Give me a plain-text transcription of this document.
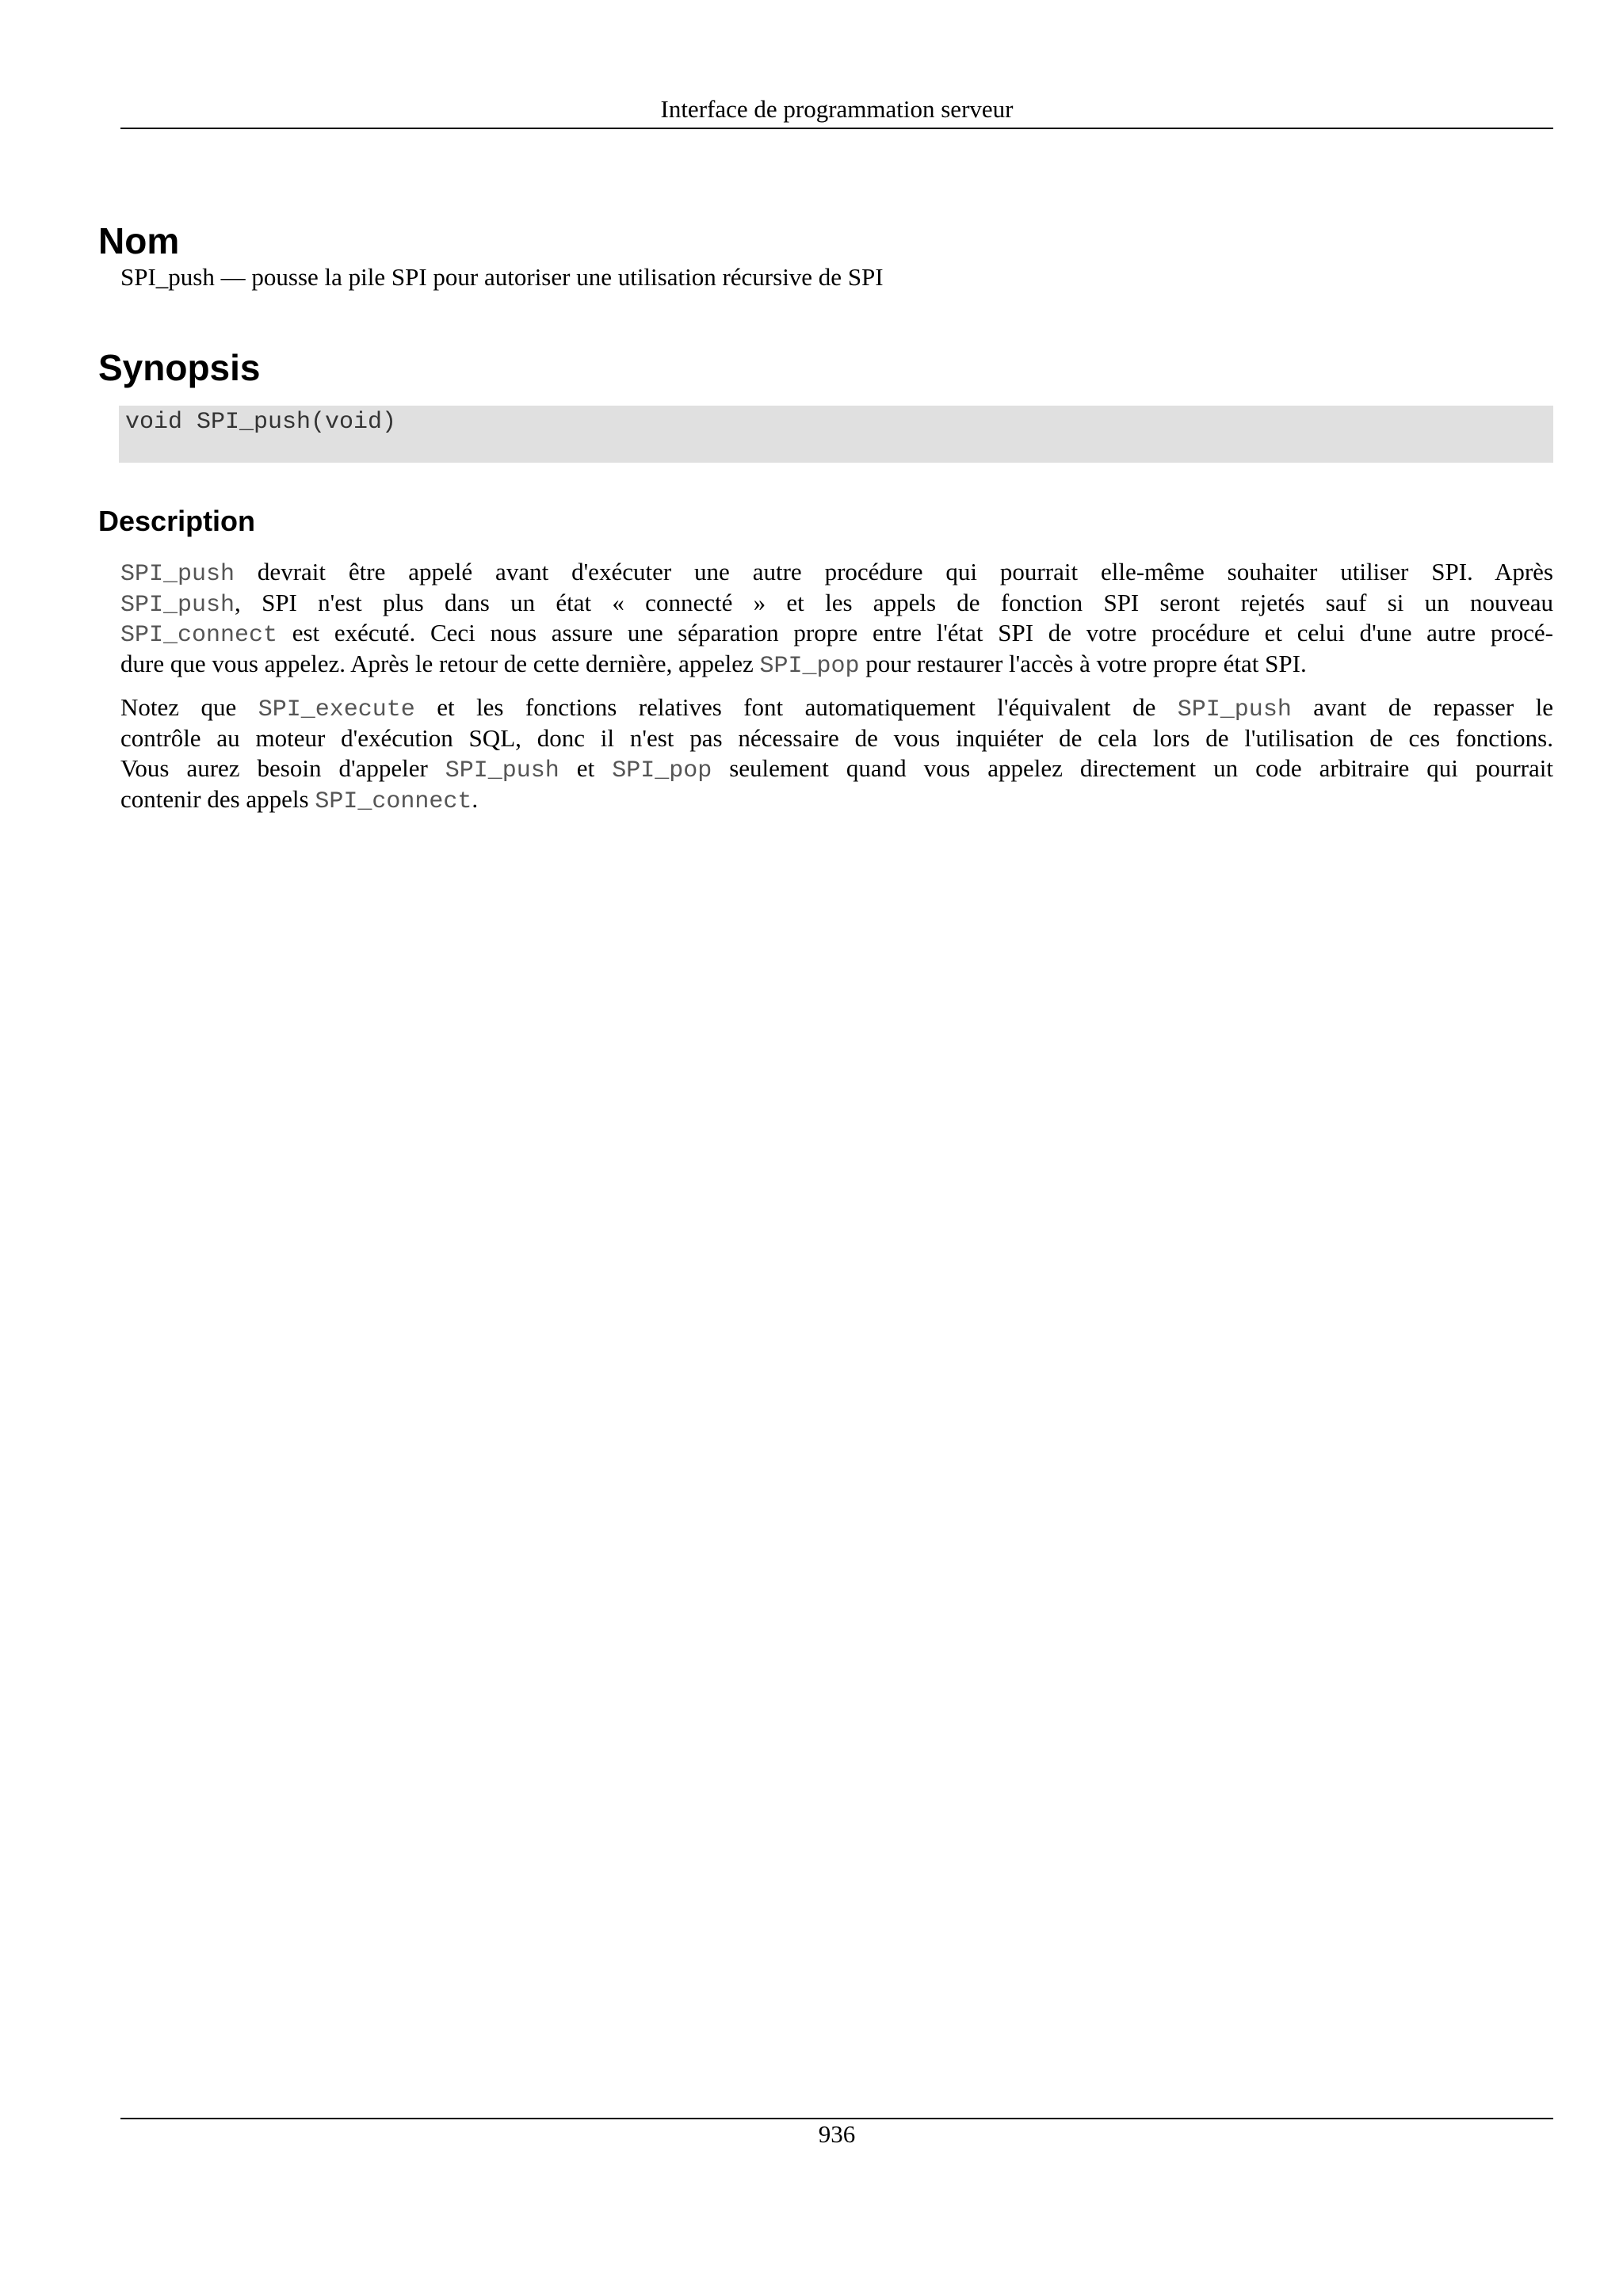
Interface de programmation serveur
Nom
SPI_push — pousse la pile SPI pour autoriser une utilisation récursive de SPI
Synopsis
void SPI_push(void)
Description
SPI_push devrait être appelé avant d'exécuter une autre procédure qui pourrait elle-même souhaiter utiliser SPI. Après
SPI_push, SPI n'est plus dans un état « connecté » et les appels de fonction SPI seront rejetés sauf si un nouveau
SPI_connect est exécuté. Ceci nous assure une séparation propre entre l'état SPI de votre procédure et celui d'une autre procé-
dure que vous appelez. Après le retour de cette dernière, appelez SPI_pop pour restaurer l'accès à votre propre état SPI.
Notez que SPI_execute et les fonctions relatives font automatiquement l'équivalent de SPI_push avant de repasser le
contrôle au moteur d'exécution SQL, donc il n'est pas nécessaire de vous inquiéter de cela lors de l'utilisation de ces fonctions.
Vous aurez besoin d'appeler SPI_push et SPI_pop seulement quand vous appelez directement un code arbitraire qui pourrait
contenir des appels SPI_connect.
936
